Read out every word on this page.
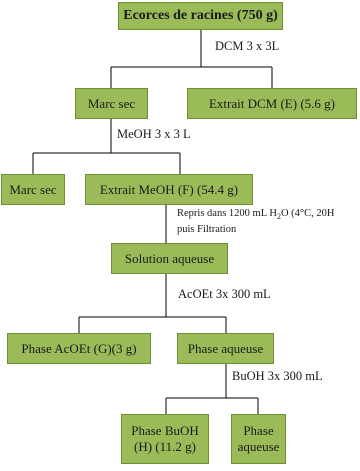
Ecorces de racines (750 g)
Marc sec	Extrait DCM (E) (5.6 g)
Marc sec	Extrait MeOH (F) (54.4 g)
Solution aqueuse
Phase AcOEt (G)(3 g)	Phase aqueuse
Phase BuOH
(H) (11.2 g)
Phase
aqueuse
DCM 3 x 3L
MeOH 3 x 3 L
Repris dans 1200 mL $H_2O$ (4°C, 20H
puis Filtration
AcOEt 3x 300 mL
BuOH 3x 300 mL
